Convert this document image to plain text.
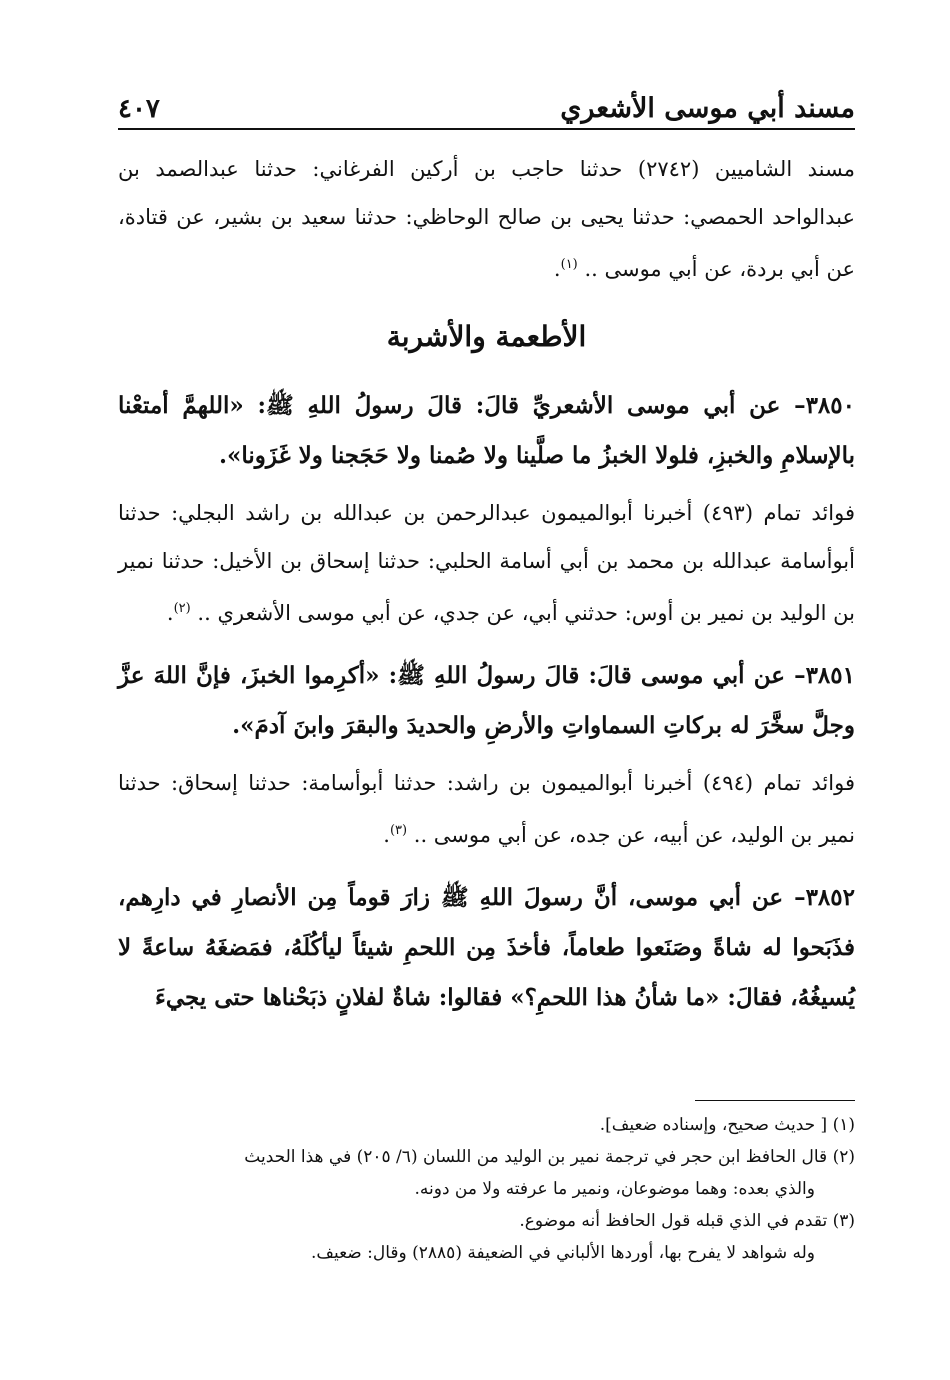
مسند أبي موسى الأشعري
٤٠٧

مسند الشاميين (٢٧٤٢) حدثنا حاجب بن أركين الفرغاني: حدثنا عبدالصمد بن عبدالواحد الحمصي: حدثنا يحيى بن صالح الوحاظي: حدثنا سعيد بن بشير، عن قتادة، عن أبي بردة، عن أبي موسى .. $^{(١)}$.

الأطعمة والأشربة

٣٨٥٠– عن أبي موسى الأشعريِّ قالَ: قالَ رسولُ اللهِ ﷺ: «اللهمَّ أمتعْنا بالإسلامِ والخبزِ، فلولا الخبزُ ما صلَّينا ولا صُمنا ولا حَجَجنا ولا غَزَونا».

فوائد تمام (٤٩٣) أخبرنا أبوالميمون عبدالرحمن بن عبدالله بن راشد البجلي: حدثنا أبوأسامة عبدالله بن محمد بن أبي أسامة الحلبي: حدثنا إسحاق بن الأخيل: حدثنا نمير بن الوليد بن نمير بن أوس: حدثني أبي، عن جدي، عن أبي موسى الأشعري .. $^{(٢)}$.

٣٨٥١– عن أبي موسى قالَ: قالَ رسولُ اللهِ ﷺ: «أكرِموا الخبزَ، فإنَّ اللهَ عزَّ وجلَّ سخَّرَ له بركاتِ السماواتِ والأرضِ والحديدَ والبقرَ وابنَ آدمَ».

فوائد تمام (٤٩٤) أخبرنا أبوالميمون بن راشد: حدثنا أبوأسامة: حدثنا إسحاق: حدثنا نمير بن الوليد، عن أبيه، عن جده، عن أبي موسى .. $^{(٣)}$.

٣٨٥٢– عن أبي موسى، أنَّ رسولَ اللهِ ﷺ زارَ قوماً مِن الأنصارِ في دارِهم، فذَبَحوا له شاةً وصَنَعوا طعاماً، فأخذَ مِن اللحمِ شيئاً ليأكُلَهُ، فمَضغَهُ ساعةً لا يُسيغُهُ، فقالَ: «ما شأنُ هذا اللحمِ؟» فقالوا: شاةٌ لفلانٍ ذبَحْناها حتى يجيءَ

(١) [ حديث صحيح، وإسناده ضعيف].

(٢) قال الحافظ ابن حجر في ترجمة نمير بن الوليد من اللسان (٦/ ٢٠٥) في هذا الحديث

والذي بعده: وهما موضوعان، ونمير ما عرفته ولا من دونه.

(٣) تقدم في الذي قبله قول الحافظ أنه موضوع.

وله شواهد لا يفرح بها، أوردها الألباني في الضعيفة (٢٨٨٥) وقال: ضعيف.
